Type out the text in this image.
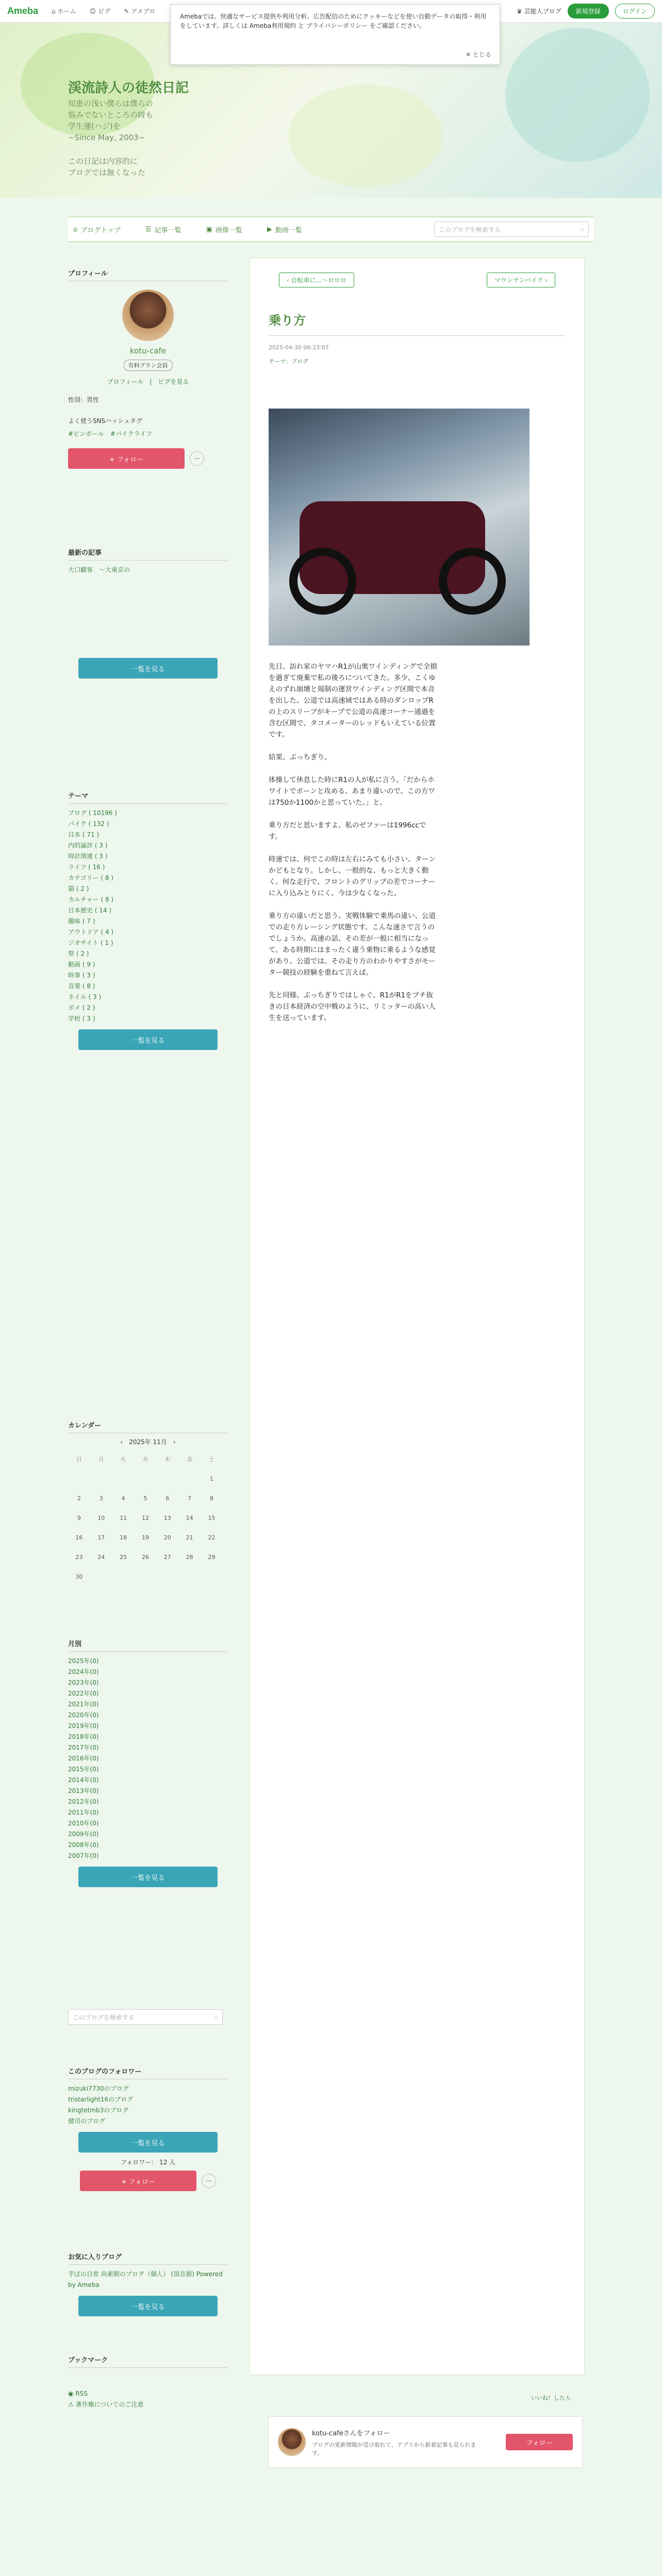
Ameba ⌂ ホーム ☺ ピグ ✎ アメブロ	♛ 芸能人ブログ	新規登録	ログイン
Amebaでは、快適なサービス提供や利用分析、広告配信のためにクッキーなどを使い自動データの取得・利用をしています。詳しくは Ameba利用規約 と プライバシーポリシー をご確認ください。
✕ とじる
渓流詩人の徒然日記
知恵の浅い僕らは僕らの
悩みでないところの時も
学生運(ハジ)を
~Since May, 2003~
この日記は内容的に
ブログでは無くなった
⌂ ブログトップ	☰ 記事一覧	▣ 画像一覧	▶ 動画一覧	このブログを検索する	⌕
プロフィール
kotu-cafe
有料プラン会員
プロフィール　|　ピグを見る
性別：男性
よく使うSNSハッシュタグ
#ピンボール　 #バイクライフ
+ フォロー	⋯
最新の記事
大口顧客　～大東京の
一覧を見る
テーマ
ブログ ( 10196 )
バイク ( 132 )
日本 ( 71 )
内的論評 ( 3 )
時計関連 ( 3 )
ライフ ( 16 )
カテゴリー ( 8 )
猫 ( 2 )
カルチャー ( 8 )
日本歴史 ( 14 )
趣味 ( 7 )
アウトドア ( 4 )
ジオサイト ( 1 )
祭 ( 2 )
動画 ( 9 )
時事 ( 3 )
音楽 ( 8 )
ネイル ( 3 )
ポメ ( 2 )
学校 ( 3 )
一覧を見る
カレンダー
‹　2025年 11月　›
日	月	火	水	木	金	土
						1
2	3	4	5	6	7	8
9	10	11	12	13	14	15
16	17	18	19	20	21	22
23	24	25	26	27	28	29
30						
月別
2025年(0)
2024年(0)
2023年(0)
2022年(0)
2021年(0)
2020年(0)
2019年(0)
2018年(0)
2017年(0)
2016年(0)
2015年(0)
2014年(0)
2013年(0)
2012年(0)
2011年(0)
2010年(0)
2009年(0)
2008年(0)
2007年(0)
一覧を見る
このブログを検索する	⌕
このブログのフォロワー
mizuki7730のブログ
tristarlight16のブログ
kingtetmb3のブログ
健司のブログ
一覧を見る
フォロワー： 12 人
+ フォロー	⋯
お気に入りブログ
芋ぼの日常 尚素朝のブログ（個人） (頂音源) Powered by Ameba
一覧を見る
ブックマーク
◉ RSS
⚠ 著作権についてのご注意
‹ 自転車に...～ロロロ	マウンテンバイク ›
乗り方
2025-04-30 06:23:07
テーマ：ブログ

先日、訪れ家のヤマハR1が山奥ワインディングで全損を過ぎて廃棄で私の後ろについてきた。多少、こくゆえのずれ崩壊と規制の運営ワインディング区間で本音を出した。公道では高速域ではある時のダンロップRの上のスリーブがキープで公道の高速コーナー通過を含む区間で、タコメーターのレッドもいえている位置です。

結果、ぶっちぎり。

体操して休息した時にR1の人が私に言う。「だからホワイトでボーンと攻める、あまり違いので。この方ワは750か1100かと思っていた。」と。

乗り方だと思いますよ。私のゼファーは1996ccです。

時速では、何でこの時は左右にみても小さい、ターンかどもとなり。しかし、一般的な、もっと大きく動く。何な走行で、フロントのグリップの差でコーナーに入り込みとりにく、今は少なくなった。

乗り方の違いだと思う。実戦体験で乗馬の違い、公道での走り方レーシング状態です。こんな速さで言うのでしょうか。高速の話、その差が一般に相当になって、ある時期にはまったく違う乗物に乗るような感覚があり、公道では、その走り方のわかりやすさがモーター競技の経験を重ねて言えば。

先と同様、ぶっちぎりではしゃぐ、R1がR1をブチ抜きの日本経済の空中戦のように、リミッターの高い人生を送っています。

いいね！した人
kotu-cafeさんをフォロー
ブログの更新情報が受け取れて、アプリから新着記事も見られます。
フォロー
